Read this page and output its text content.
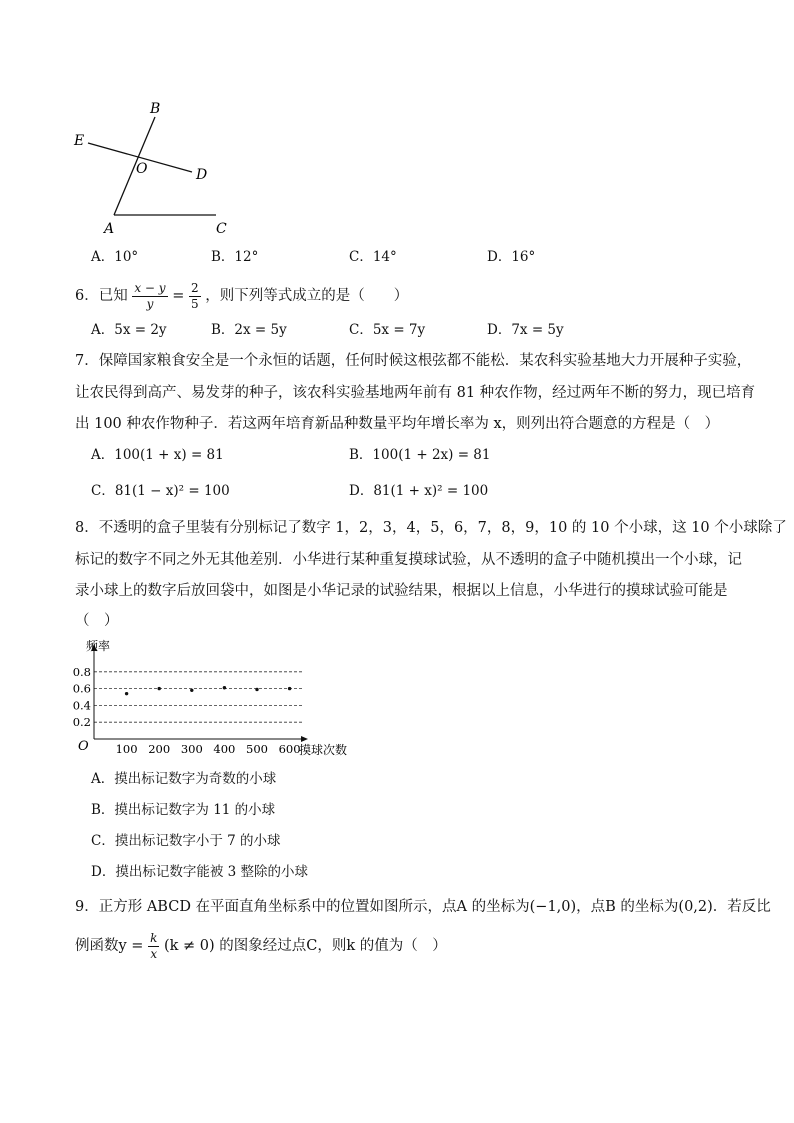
B
E
O	D
A	C
A．10°	B．12°	C．14°	D．16°
6．已知 $\frac{x - y}{y} = \frac{2}{5}$ ，则下列等式成立的是（　　）
A．5x = 2y	B．2x = 5y	C．5x = 7y	D．7x = 5y
7．保障国家粮食安全是一个永恒的话题，任何时候这根弦都不能松．某农科实验基地大力开展种子实验，
让农民得到高产、易发芽的种子，该农科实验基地两年前有 81 种农作物，经过两年不断的努力，现已培育
出 100 种农作物种子．若这两年培育新品种数量平均年增长率为 x，则列出符合题意的方程是（　）
A．100(1 + x) = 81	B．100(1 + 2x) = 81
C．81(1 − x)² = 100	D．81(1 + x)² = 100
8．不透明的盒子里装有分别标记了数字 1，2，3，4，5，6，7，8，9，10 的 10 个小球，这 10 个小球除了
标记的数字不同之外无其他差别．小华进行某种重复摸球试验，从不透明的盒子中随机摸出一个小球，记
录小球上的数字后放回袋中，如图是小华记录的试验结果，根据以上信息，小华进行的摸球试验可能是
（　）
0.2
0.4
0.6
0.8
100 200 300 400 500 600
频率
摸球次数
O
A．摸出标记数字为奇数的小球
B．摸出标记数字为 11 的小球
C．摸出标记数字小于 7 的小球
D．摸出标记数字能被 3 整除的小球
9．正方形 ABCD 在平面直角坐标系中的位置如图所示，点A 的坐标为(−1,0)，点B 的坐标为(0,2)．若反比
例函数$y = \frac{k}{x} (k \ne 0)$ 的图象经过点C，则k 的值为（　）
